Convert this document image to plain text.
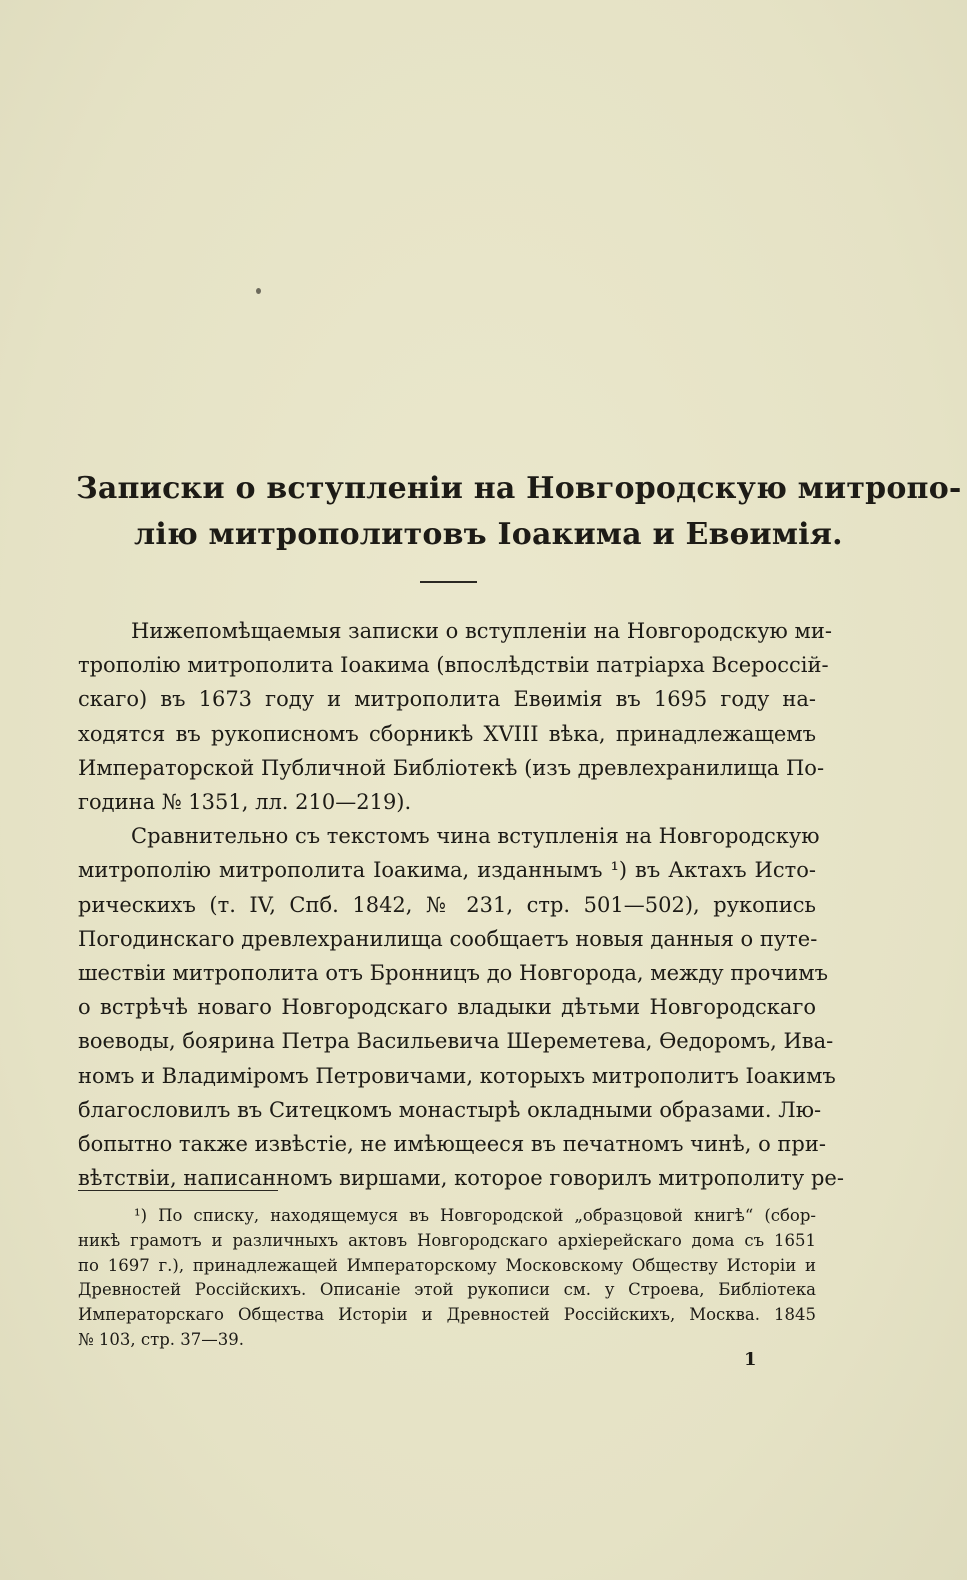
Записки о вступленіи на Новгородскую митропо-
лію митрополитовъ Іоакима и Евѳимія.

Нижепомѣщаемыя записки о вступленіи на Новгородскую ми-
трополію митрополита Іоакима (впослѣдствіи патріарха Всероссій-
скаго) въ 1673 году и митрополита Евѳимія въ 1695 году на-
ходятся въ рукописномъ сборникѣ XVIII вѣка, принадлежащемъ
Императорской Публичной Библіотекѣ (изъ древлехранилища По-
година № 1351, лл. 210—219).

Сравнительно съ текстомъ чина вступленія на Новгородскую
митрополію митрополита Іоакима, изданнымъ ¹) въ Актахъ Исто-
рическихъ (т. IV, Спб. 1842, № 231, стр. 501—502), рукопись
Погодинскаго древлехранилища сообщаетъ новыя данныя о путе-
шествіи митрополита отъ Бронницъ до Новгорода, между прочимъ
о встрѣчѣ новаго Новгородскаго владыки дѣтьми Новгородскаго
воеводы, боярина Петра Васильевича Шереметева, Ѳедоромъ, Ива-
номъ и Владиміромъ Петровичами, которыхъ митрополитъ Іоакимъ
благословилъ въ Ситецкомъ монастырѣ окладными образами. Лю-
бопытно также извѣстіе, не имѣющееся въ печатномъ чинѣ, о при-
вѣтствіи, написанномъ виршами, которое говорилъ митрополиту ре-

¹) По списку, находящемуся въ Новгородской „образцовой книгѣ“ (сбор-
никѣ грамотъ и различныхъ актовъ Новгородскаго архіерейскаго дома съ 1651
по 1697 г.), принадлежащей Императорскому Московскому Обществу Исторіи и
Древностей Россійскихъ. Описаніе этой рукописи см. у Строева, Библіотека
Императорскаго Общества Исторіи и Древностей Россійскихъ, Москва. 1845
№ 103, стр. 37—39.
1
